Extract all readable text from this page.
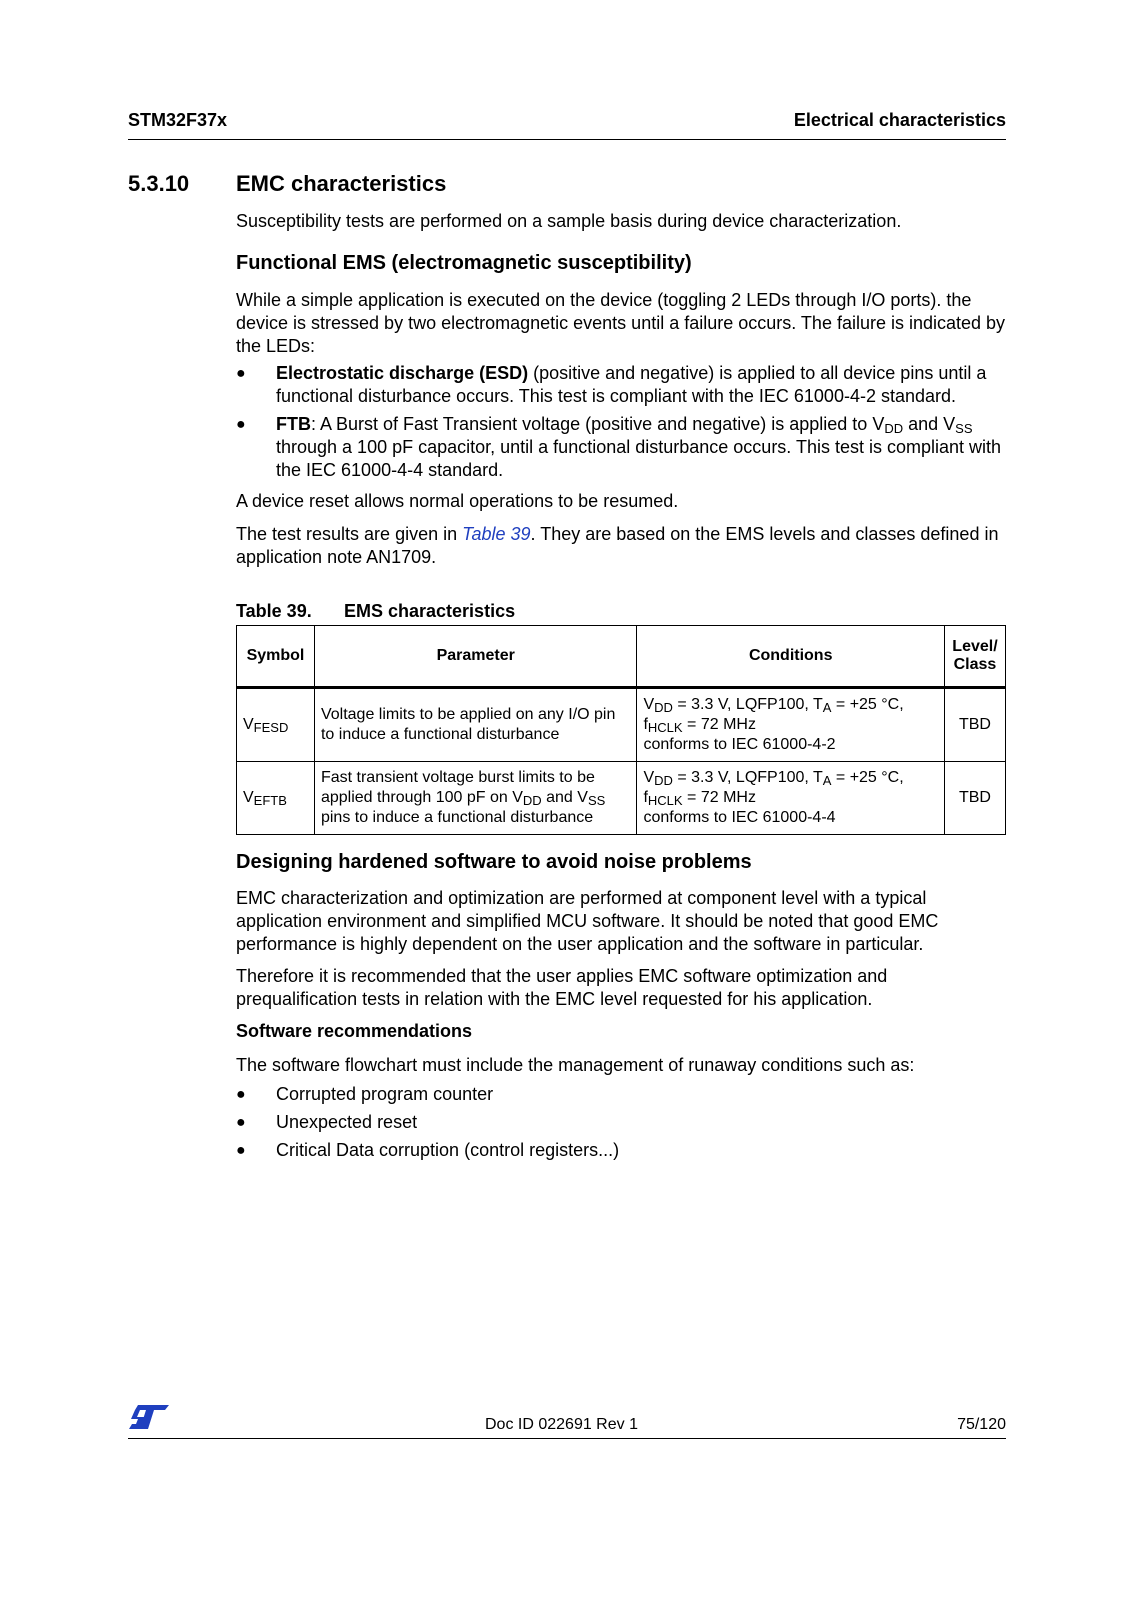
STM32F37x	Electrical characteristics
5.3.10 EMC characteristics
Susceptibility tests are performed on a sample basis during device characterization.
Functional EMS (electromagnetic susceptibility)
While a simple application is executed on the device (toggling 2 LEDs through I/O ports). the device is stressed by two electromagnetic events until a failure occurs. The failure is indicated by the LEDs:
● Electrostatic discharge (ESD) (positive and negative) is applied to all device pins until a functional disturbance occurs. This test is compliant with the IEC 61000-4-2 standard.
● FTB: A Burst of Fast Transient voltage (positive and negative) is applied to $V_{DD}$ and $V_{SS}$ through a 100 pF capacitor, until a functional disturbance occurs. This test is compliant with the IEC 61000-4-4 standard.
A device reset allows normal operations to be resumed.
The test results are given in Table 39. They are based on the EMS levels and classes defined in application note AN1709.
Table 39. EMS characteristics
Symbol	Parameter	Conditions	Level/
Class
$V_{FESD}$	Voltage limits to be applied on any I/O pin to induce a functional disturbance	$V_{DD} = 3.3$ V, LQFP100, $T_A = +25$ °C,
$f_{HCLK} = 72$ MHz
conforms to IEC 61000-4-2	TBD
$V_{EFTB}$	Fast transient voltage burst limits to be applied through 100 pF on $V_{DD}$ and $V_{SS}$ pins to induce a functional disturbance	$V_{DD} = 3.3$ V, LQFP100, $T_A = +25$ °C,
$f_{HCLK} = 72$ MHz
conforms to IEC 61000-4-4	TBD
Designing hardened software to avoid noise problems
EMC characterization and optimization are performed at component level with a typical application environment and simplified MCU software. It should be noted that good EMC performance is highly dependent on the user application and the software in particular.
Therefore it is recommended that the user applies EMC software optimization and prequalification tests in relation with the EMC level requested for his application.
Software recommendations
The software flowchart must include the management of runaway conditions such as:
● Corrupted program counter
● Unexpected reset
● Critical Data corruption (control registers...)
Doc ID 022691 Rev 1	75/120
